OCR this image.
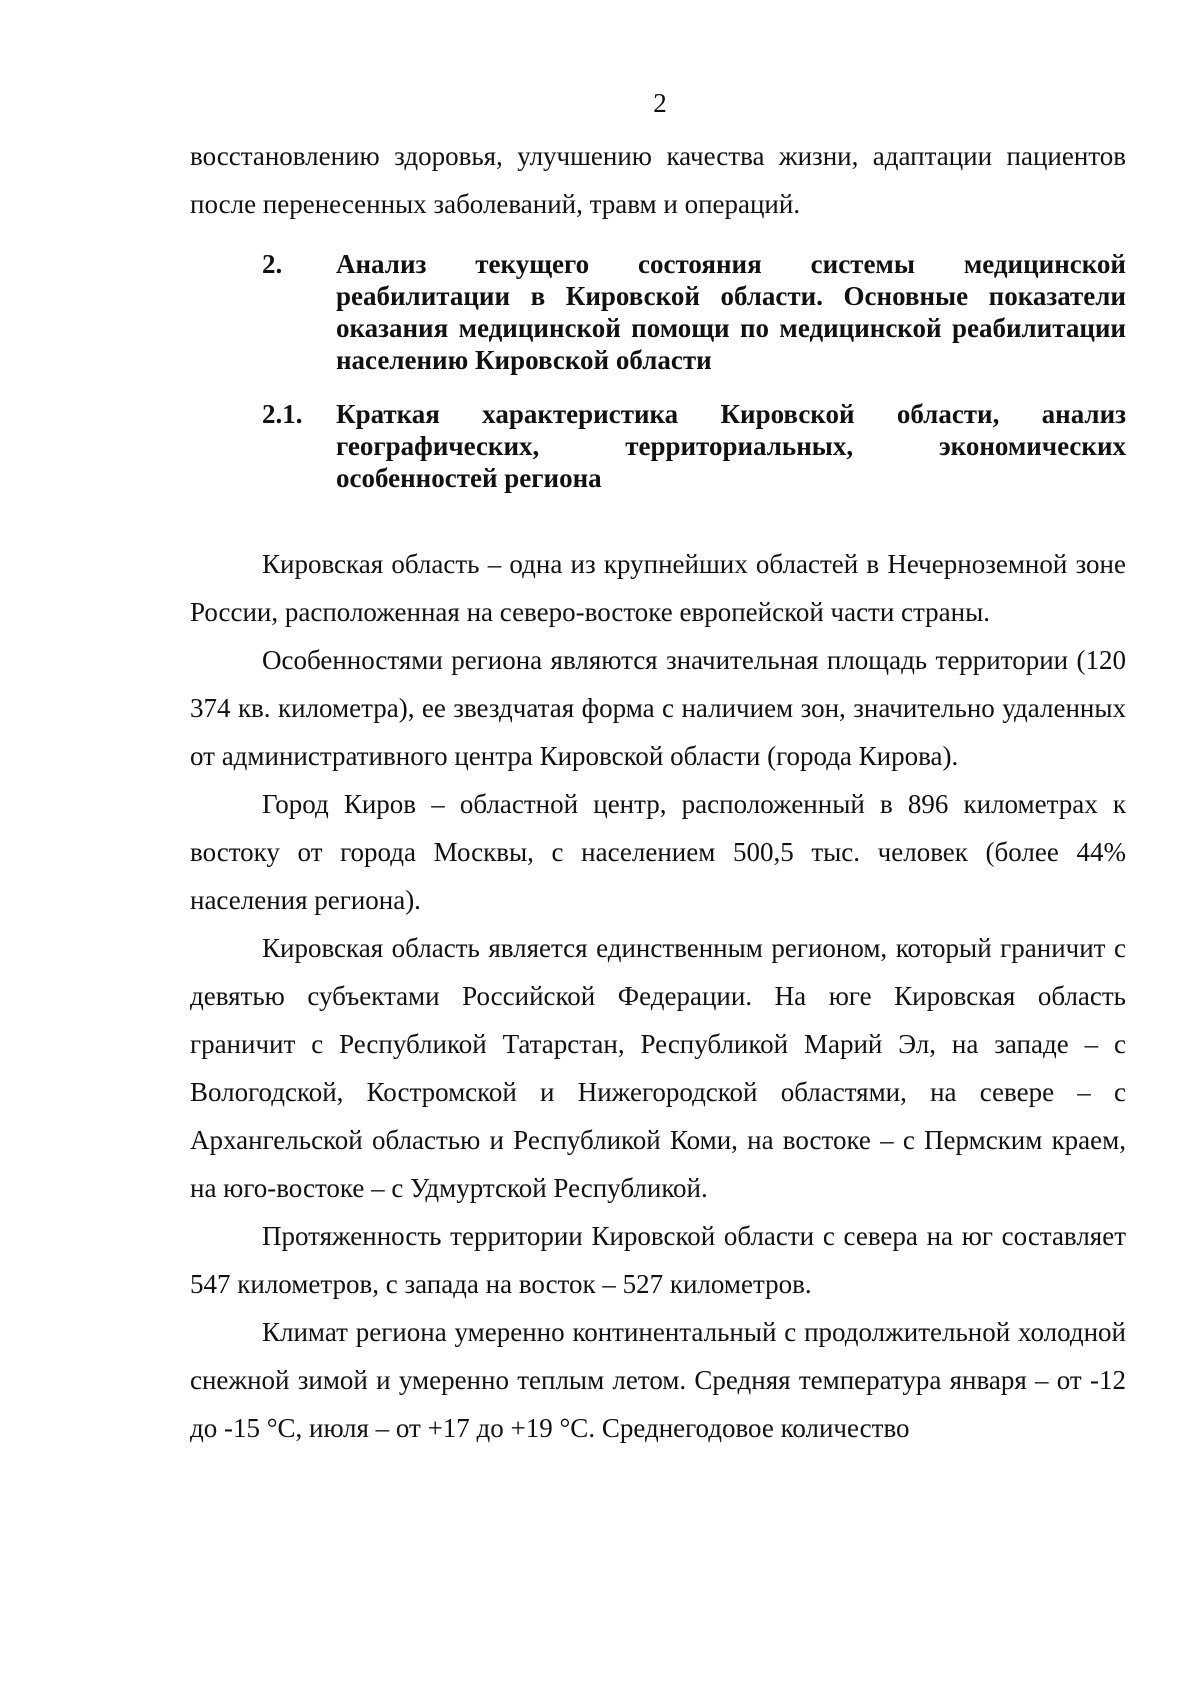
2

восстановлению здоровья, улучшению качества жизни, адаптации пациентов после перенесенных заболеваний, травм и операций.

2. Анализ текущего состояния системы медицинской реабилитации в Кировской области. Основные показатели оказания медицинской помощи по медицинской реабилитации населению Кировской области

2.1. Краткая характеристика Кировской области, анализ географических, территориальных, экономических особенностей региона

Кировская область – одна из крупнейших областей в Нечерноземной зоне России, расположенная на северо-востоке европейской части страны.

Особенностями региона являются значительная площадь территории (120 374 кв. километра), ее звездчатая форма с наличием зон, значительно удаленных от административного центра Кировской области (города Кирова).

Город Киров – областной центр, расположенный в 896 километрах к востоку от города Москвы, с населением 500,5 тыс. человек (более 44% населения региона).

Кировская область является единственным регионом, который граничит с девятью субъектами Российской Федерации. На юге Кировская область граничит с Республикой Татарстан, Республикой Марий Эл, на западе – с Вологодской, Костромской и Нижегородской областями, на севере – с Архангельской областью и Республикой Коми, на востоке – с Пермским краем, на юго-востоке – с Удмуртской Республикой.

Протяженность территории Кировской области с севера на юг составляет 547 километров, с запада на восток – 527 километров.

Климат региона умеренно континентальный с продолжительной холодной снежной зимой и умеренно теплым летом. Средняя температура января – от -12 до -15 °С, июля – от +17 до +19 °С. Среднегодовое количество
